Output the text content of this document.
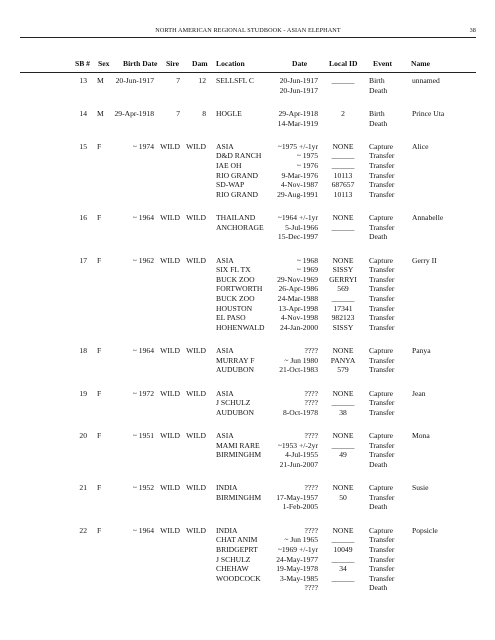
NORTH AMERICAN REGIONAL STUDBOOK - ASIAN ELEPHANT	38
SB # Sex Birth Date Sire Dam Location	Date	Local ID Event	Name
13 M	20-Jun-1917	7	12	unnamed
SELLSFL C	20-Jun-1917	______	Birth
20-Jun-1917	Death
14 M	29-Apr-1918	7	8	Prince Uta
HOGLE	29-Apr-1918	2	Birth
14-Mar-1919	Death
15 F	~ 1974 WILD WILD	Alice
ASIA	~1975 +/-1yr	NONE	Capture
D&D RANCH	~ 1975	______	Transfer
IAE OH	~ 1976	______	Transfer
RIO GRAND	9-Mar-1976	10113	Transfer
SD-WAP	4-Nov-1987	687657	Transfer
RIO GRAND	29-Aug-1991	10113	Transfer
16 F	~ 1964 WILD WILD	Annabelle
THAILAND	~1964 +/-1yr	NONE	Capture
ANCHORAGE	5-Jul-1966	______	Transfer
15-Dec-1997	Death
17 F	~ 1962 WILD WILD	Gerry II
ASIA	~ 1968	NONE	Capture
SIX FL TX	~ 1969	SISSY	Transfer
BUCK ZOO	29-Nov-1969	GERRYI	Transfer
FORTWORTH	26-Apr-1986	569	Transfer
BUCK ZOO	24-Mar-1988	______	Transfer
HOUSTON	13-Apr-1998	17341	Transfer
EL PASO	4-Nov-1998	982123	Transfer
HOHENWALD	24-Jan-2000	SISSY	Transfer
18 F	~ 1964 WILD WILD	Panya
ASIA	????	NONE	Capture
MURRAY F	~ Jun 1980	PANYA	Transfer
AUDUBON	21-Oct-1983	579	Transfer
19 F	~ 1972 WILD WILD	Jean
ASIA	????	NONE	Capture
J SCHULZ	????	______	Transfer
AUDUBON	8-Oct-1978	38	Transfer
20 F	~ 1951 WILD WILD	Mona
ASIA	????	NONE	Capture
MAMI RARE	~1953 +/-2yr	______	Transfer
BIRMINGHM	4-Jul-1955	49	Transfer
21-Jun-2007	Death
21 F	~ 1952 WILD WILD	Susie
INDIA	????	NONE	Capture
BIRMINGHM	17-May-1957	50	Transfer
1-Feb-2005	Death
22 F	~ 1964 WILD WILD	Popsicle
INDIA	????	NONE	Capture
CHAT ANIM	~ Jun 1965	______	Transfer
BRIDGEPRT	~1969 +/-1yr	10049	Transfer
J SCHULZ	24-May-1977	______	Transfer
CHEHAW	19-May-1978	34	Transfer
WOODCOCK	3-May-1985	______	Transfer
????	Death
